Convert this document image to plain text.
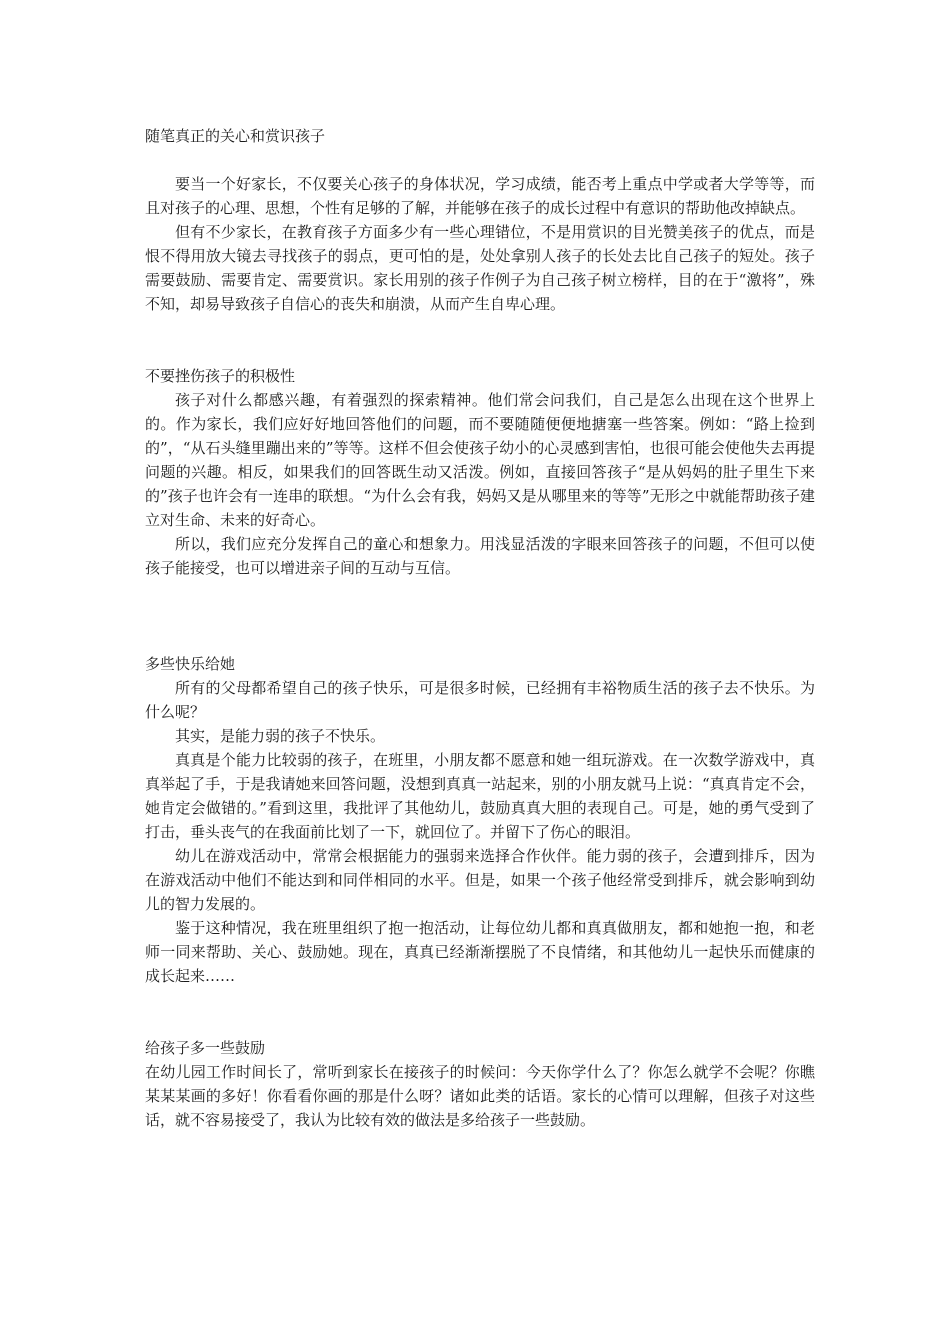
随笔真正的关心和赏识孩子

要当一个好家长，不仅要关心孩子的身体状况，学习成绩，能否考上重点中学或者大学等等，而且对孩子的心理、思想，个性有足够的了解，并能够在孩子的成长过程中有意识的帮助他改掉缺点。

但有不少家长，在教育孩子方面多少有一些心理错位，不是用赏识的目光赞美孩子的优点，而是恨不得用放大镜去寻找孩子的弱点，更可怕的是，处处拿别人孩子的长处去比自己孩子的短处。孩子需要鼓励、需要肯定、需要赏识。家长用别的孩子作例子为自己孩子树立榜样，目的在于“激将”，殊不知，却易导致孩子自信心的丧失和崩溃，从而产生自卑心理。

不要挫伤孩子的积极性

孩子对什么都感兴趣，有着强烈的探索精神。他们常会问我们，自己是怎么出现在这个世界上的。作为家长，我们应好好地回答他们的问题，而不要随随便便地搪塞一些答案。例如：“路上捡到的”，“从石头缝里蹦出来的”等等。这样不但会使孩子幼小的心灵感到害怕，也很可能会使他失去再提问题的兴趣。相反，如果我们的回答既生动又活泼。例如，直接回答孩子“是从妈妈的肚子里生下来的”孩子也许会有一连串的联想。“为什么会有我，妈妈又是从哪里来的等等”无形之中就能帮助孩子建立对生命、未来的好奇心。

所以，我们应充分发挥自己的童心和想象力。用浅显活泼的字眼来回答孩子的问题，不但可以使孩子能接受，也可以增进亲子间的互动与互信。

多些快乐给她

所有的父母都希望自己的孩子快乐，可是很多时候，已经拥有丰裕物质生活的孩子去不快乐。为什么呢？

其实，是能力弱的孩子不快乐。

真真是个能力比较弱的孩子，在班里，小朋友都不愿意和她一组玩游戏。在一次数学游戏中，真真举起了手，于是我请她来回答问题，没想到真真一站起来，别的小朋友就马上说：“真真肯定不会，她肯定会做错的。”看到这里，我批评了其他幼儿，鼓励真真大胆的表现自己。可是，她的勇气受到了打击，垂头丧气的在我面前比划了一下，就回位了。并留下了伤心的眼泪。

幼儿在游戏活动中，常常会根据能力的强弱来选择合作伙伴。能力弱的孩子，会遭到排斥，因为在游戏活动中他们不能达到和同伴相同的水平。但是，如果一个孩子他经常受到排斥，就会影响到幼儿的智力发展的。

鉴于这种情况，我在班里组织了抱一抱活动，让每位幼儿都和真真做朋友，都和她抱一抱，和老师一同来帮助、关心、鼓励她。现在，真真已经渐渐摆脱了不良情绪，和其他幼儿一起快乐而健康的成长起来……

给孩子多一些鼓励

在幼儿园工作时间长了，常听到家长在接孩子的时候问：今天你学什么了？你怎么就学不会呢？你瞧某某某画的多好！你看看你画的那是什么呀？诸如此类的话语。家长的心情可以理解，但孩子对这些话，就不容易接受了，我认为比较有效的做法是多给孩子一些鼓励。
